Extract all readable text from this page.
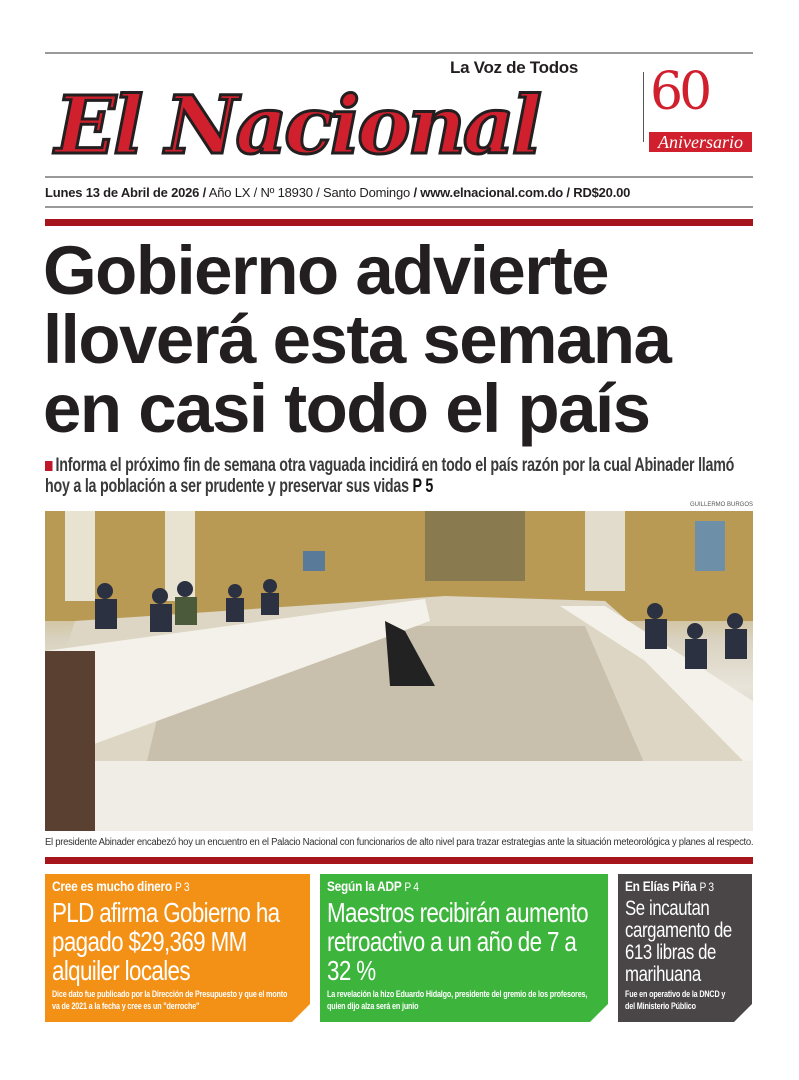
La Voz de Todos
El Nacional 60
Aniversario
Lunes 13 de Abril de 2026 / Año LX / Nº 18930 / Santo Domingo / www.elnacional.com.do / RD$20.00
Gobierno advierte
lloverá esta semana
en casi todo el país
Informa el próximo fin de semana otra vaguada incidirá en todo el país razón por la cual Abinader llamó hoy a la población a ser prudente y preservar sus vidas P 5
GUILLERMO BURGOS
El presidente Abinader encabezó hoy un encuentro en el Palacio Nacional con funcionarios de alto nivel para trazar estrategias ante la situación meteorológica y planes al respecto.
Cree es mucho dinero P 3
PLD afirma Gobierno ha pagado $29,369 MM alquiler locales
Dice dato fue publicado por la Dirección de Presupuesto y que el monto va de 2021 a la fecha y cree es un "derroche"
Según la ADP P 4
Maestros recibirán aumento retroactivo a un año de 7 a 32 %
La revelación la hizo Eduardo Hidalgo, presidente del gremio de los profesores, quien dijo alza será en junio
En Elías Piña P 3
Se incautan cargamento de 613 libras de marihuana
Fue en operativo de la DNCD y del Ministerio Público
